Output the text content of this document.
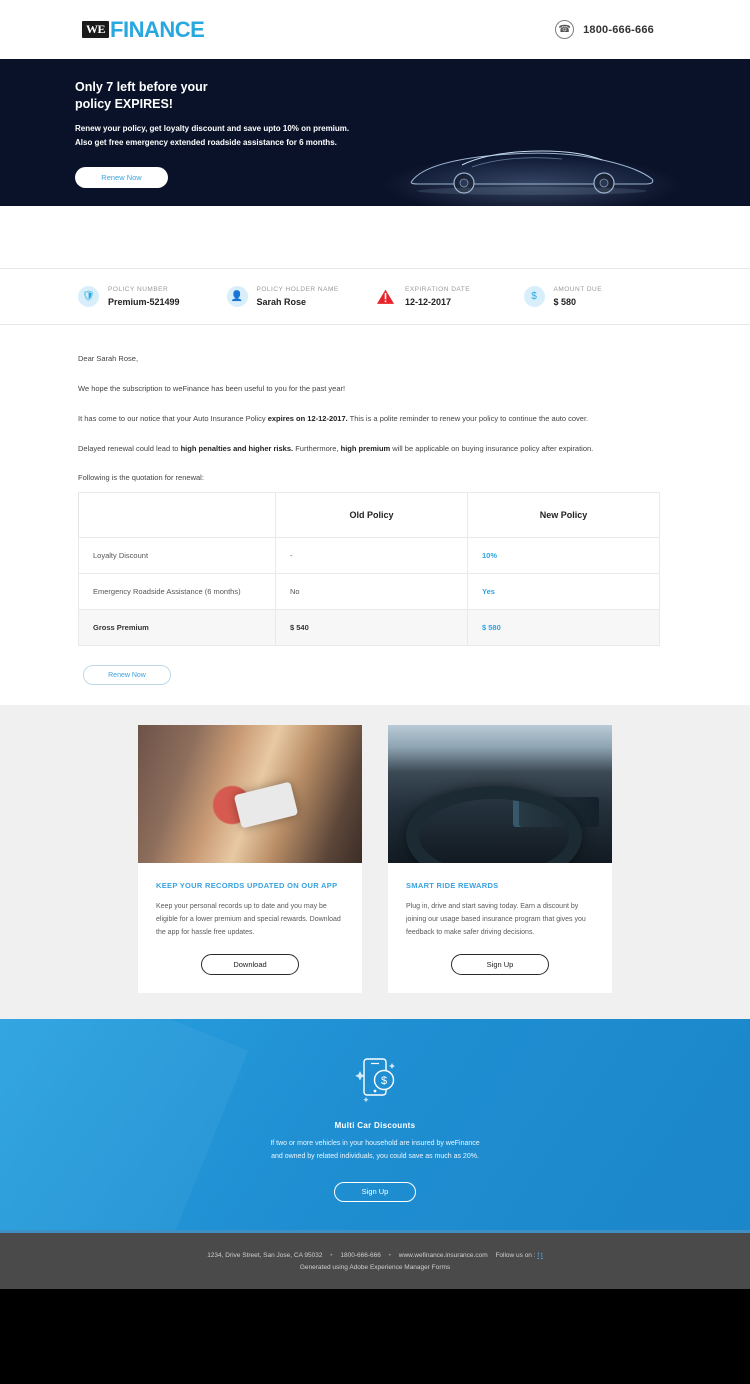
WE FINANCE	☎ 1800-666-666
Only 7 left before your
policy EXPIRES!
Renew your policy, get loyalty discount and save upto 10% on premium.
Also get free emergency extended roadside assistance for 6 months.
Renew Now
🛡
POLICY NUMBER
Premium-521499	👤
POLICY HOLDER NAME
Sarah Rose
EXPIRATION DATE
12-12-2017	$
AMOUNT DUE
$ 580

Dear Sarah Rose,

We hope the subscription to weFinance has been useful to you for the past year!

It has come to our notice that your Auto Insurance Policy expires on 12-12-2017. This is a polite reminder to renew your policy to continue the auto cover.

Delayed renewal could lead to high penalties and higher risks. Furthermore, high premium will be applicable on buying insurance policy after expiration.

Following is the quotation for renewal:
	Old Policy	New Policy
Loyalty Discount	-	10%
Emergency Roadside Assistance (6 months)	No	Yes
Gross Premium	$ 540	$ 580
Renew Now
KEEP YOUR RECORDS UPDATED ON OUR APP
Keep your personal records up to date and you may be eligible for a lower premium and special rewards. Download the app for hassle free updates.
Download
SMART RIDE REWARDS
Plug in, drive and start saving today. Earn a discount by joining our usage based insurance program that gives you feedback to make safer driving decisions.
Sign Up
$
Multi Car Discounts
If two or more vehicles in your household are insured by weFinance
and owned by related individuals, you could save as much as 20%.
Sign Up
1234, Drive Street, San Jose, CA 95032 • 1800-666-666 • www.wefinance.insurance.com Follow us on : f t
Generated using Adobe Experience Manager Forms
